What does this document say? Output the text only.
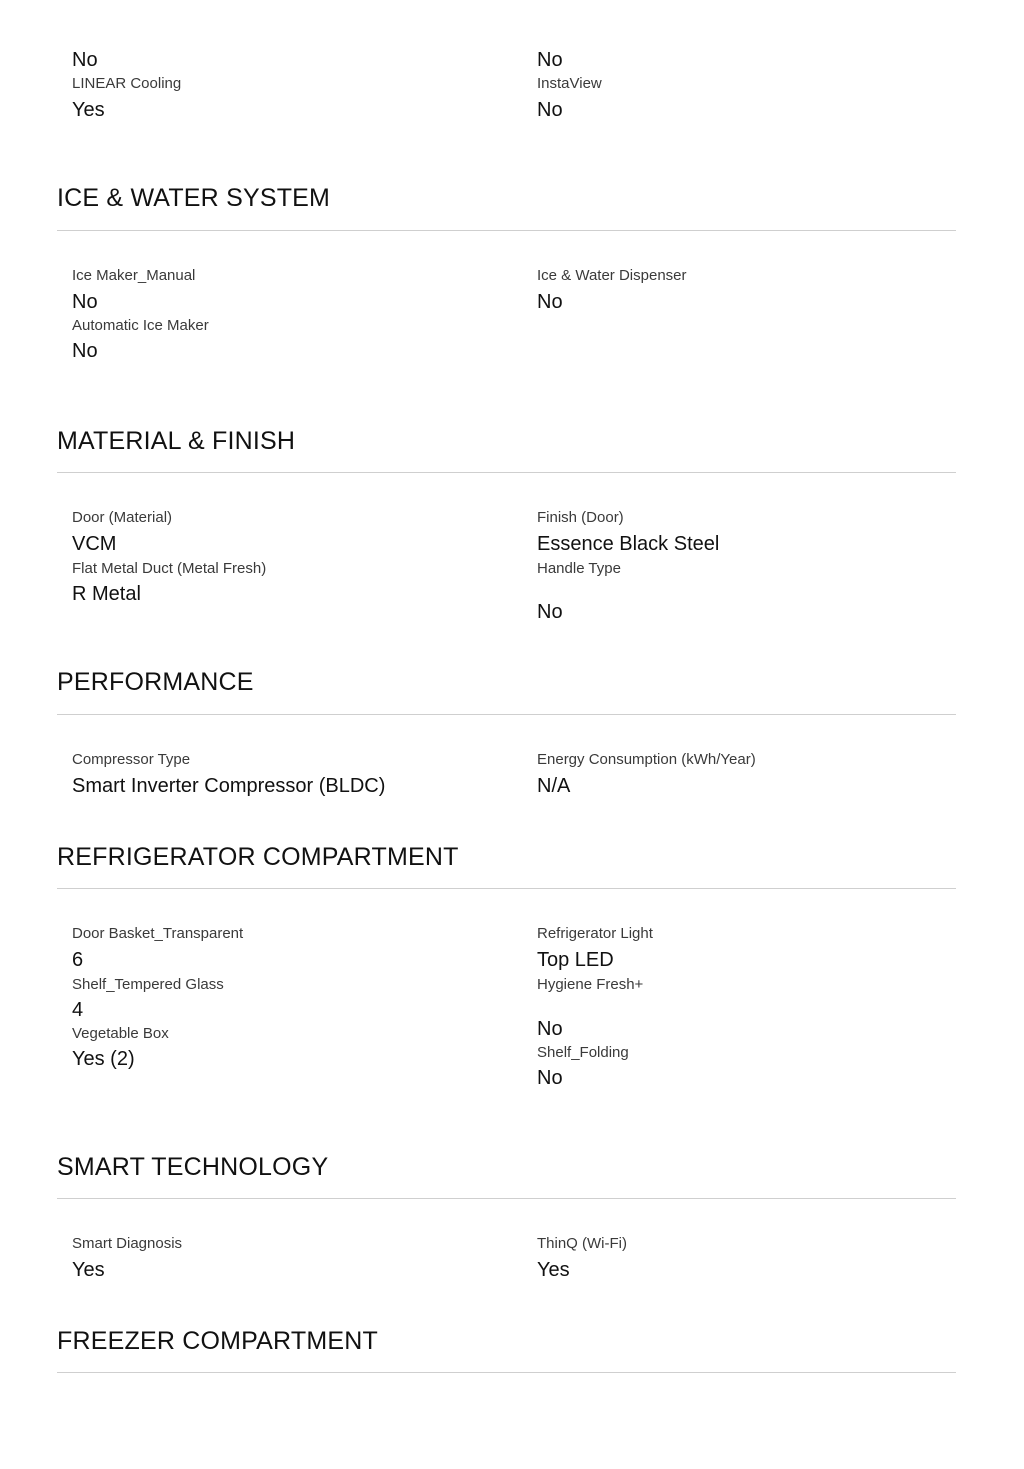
No
LINEAR Cooling
Yes
No
InstaView
No
ICE & WATER SYSTEM
Ice Maker_Manual
No
Ice & Water Dispenser
No
Automatic Ice Maker
No
MATERIAL & FINISH
Door (Material)
VCM
Finish (Door)
Essence Black Steel
Flat Metal Duct (Metal Fresh)
R Metal
Handle Type
No
PERFORMANCE
Compressor Type
Smart Inverter Compressor (BLDC)
Energy Consumption (kWh/Year)
N/A
REFRIGERATOR COMPARTMENT
Door Basket_Transparent
6
Refrigerator Light
Top LED
Shelf_Tempered Glass
4
Hygiene Fresh+
No
Vegetable Box
Yes (2)	Shelf_Folding
No
SMART TECHNOLOGY
Smart Diagnosis
Yes
ThinQ (Wi-Fi)
Yes
FREEZER COMPARTMENT
